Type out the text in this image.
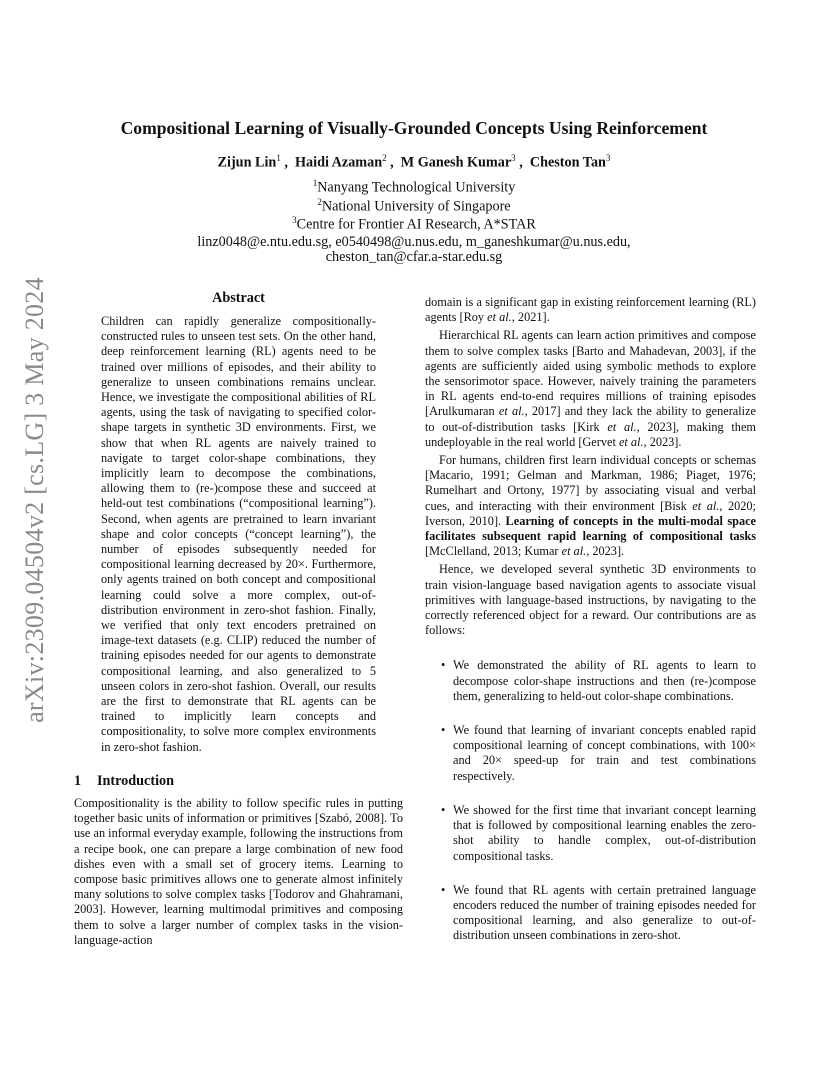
arXiv:2309.04504v2 [cs.LG] 3 May 2024
Compositional Learning of Visually-Grounded Concepts Using Reinforcement
Zijun Lin$^1$ ,  Haidi Azaman$^2$ ,  M Ganesh Kumar$^3$ ,  Cheston Tan$^3$
$^1$Nanyang Technological University
$^2$National University of Singapore
$^3$Centre for Frontier AI Research, A*STAR
linz0048@e.ntu.edu.sg, e0540498@u.nus.edu, m_ganeshkumar@u.nus.edu,
cheston_tan@cfar.a-star.edu.sg
Abstract

Children can rapidly generalize compositionally-constructed rules to unseen test sets. On the other hand, deep reinforcement learning (RL) agents need to be trained over millions of episodes, and their ability to generalize to unseen combinations remains unclear. Hence, we investigate the compositional abilities of RL agents, using the task of navigating to specified color-shape targets in synthetic 3D environments. First, we show that when RL agents are naively trained to navigate to target color-shape combinations, they implicitly learn to decompose the combinations, allowing them to (re-)compose these and succeed at held-out test combinations (“compositional learning”). Second, when agents are pretrained to learn invariant shape and color concepts (“concept learning”), the number of episodes subsequently needed for compositional learning decreased by 20×. Furthermore, only agents trained on both concept and compositional learning could solve a more complex, out-of-distribution environment in zero-shot fashion. Finally, we verified that only text encoders pretrained on image-text datasets (e.g. CLIP) reduced the number of training episodes needed for our agents to demonstrate compositional learning, and also generalized to 5 unseen colors in zero-shot fashion. Overall, our results are the first to demonstrate that RL agents can be trained to implicitly learn concepts and compositionality, to solve more complex environments in zero-shot fashion.

1 Introduction

Compositionality is the ability to follow specific rules in putting together basic units of information or primitives [Szabó, 2008]. To use an informal everyday example, following the instructions from a recipe book, one can prepare a large combination of new food dishes even with a small set of grocery items. Learning to compose basic primitives allows one to generate almost infinitely many solutions to solve complex tasks [Todorov and Ghahramani, 2003]. However, learning multimodal primitives and composing them to solve a larger number of complex tasks in the vision-language-action

domain is a significant gap in existing reinforcement learning (RL) agents [Roy et al., 2021].

Hierarchical RL agents can learn action primitives and compose them to solve complex tasks [Barto and Mahadevan, 2003], if the agents are sufficiently aided using symbolic methods to explore the sensorimotor space. However, naively training the parameters in RL agents end-to-end requires millions of training episodes [Arulkumaran et al., 2017] and they lack the ability to generalize to out-of-distribution tasks [Kirk et al., 2023], making them undeployable in the real world [Gervet et al., 2023].

For humans, children first learn individual concepts or schemas [Macario, 1991; Gelman and Markman, 1986; Piaget, 1976; Rumelhart and Ortony, 1977] by associating visual and verbal cues, and interacting with their environment [Bisk et al., 2020; Iverson, 2010]. Learning of concepts in the multi-modal space facilitates subsequent rapid learning of compositional tasks [McClelland, 2013; Kumar et al., 2023].

Hence, we developed several synthetic 3D environments to train vision-language based navigation agents to associate visual primitives with language-based instructions, by navigating to the correctly referenced object for a reward. Our contributions are as follows:

• We demonstrated the ability of RL agents to learn to decompose color-shape instructions and then (re-)compose them, generalizing to held-out color-shape combinations.
• We found that learning of invariant concepts enabled rapid compositional learning of concept combinations, with 100× and 20× speed-up for train and test combinations respectively.
• We showed for the first time that invariant concept learning that is followed by compositional learning enables the zero-shot ability to handle complex, out-of-distribution compositional tasks.
• We found that RL agents with certain pretrained language encoders reduced the number of training episodes needed for compositional learning, and also generalize to out-of-distribution unseen combinations in zero-shot.
